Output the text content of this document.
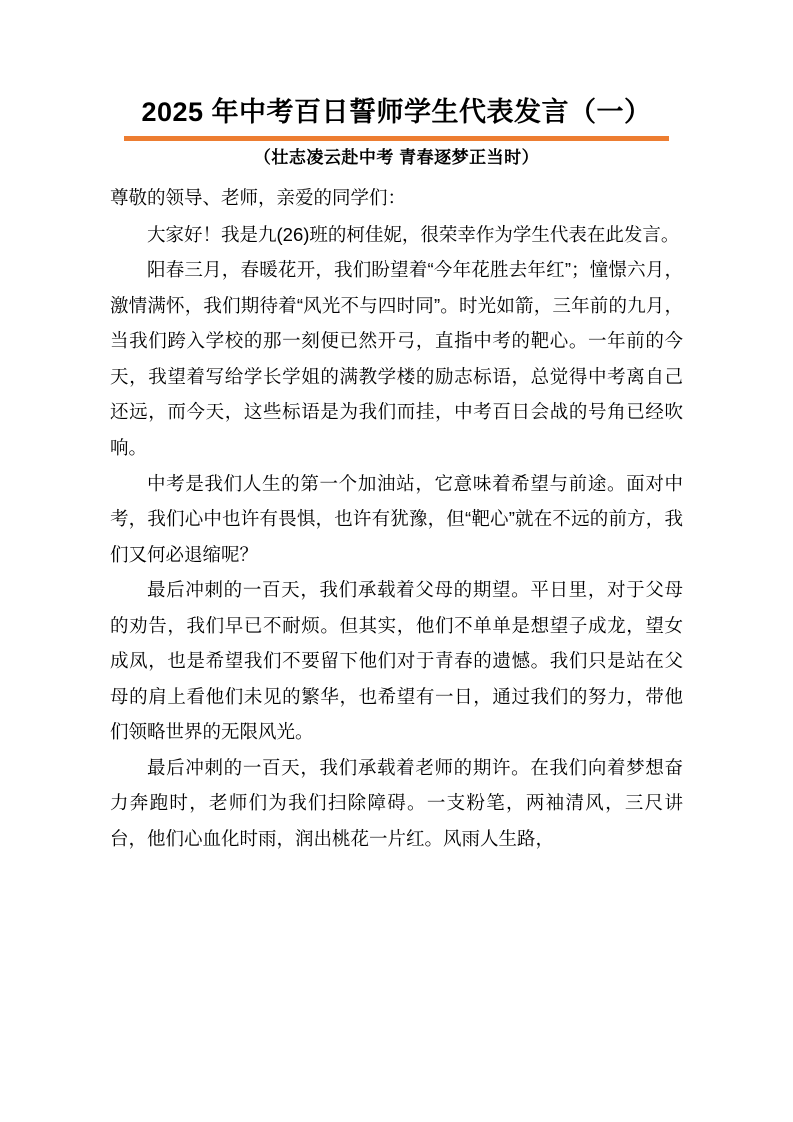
2025 年中考百日誓师学生代表发言（一）
（壮志凌云赴中考 青春逐梦正当时）

尊敬的领导、老师，亲爱的同学们：

大家好！我是九(26)班的柯佳妮，很荣幸作为学生代表在此发言。

阳春三月，春暖花开，我们盼望着“今年花胜去年红”；憧憬六月，激情满怀，我们期待着“风光不与四时同”。时光如箭，三年前的九月，当我们跨入学校的那一刻便已然开弓，直指中考的靶心。一年前的今天，我望着写给学长学姐的满教学楼的励志标语，总觉得中考离自己还远，而今天，这些标语是为我们而挂，中考百日会战的号角已经吹响。

中考是我们人生的第一个加油站，它意味着希望与前途。面对中考，我们心中也许有畏惧，也许有犹豫，但“靶心”就在不远的前方，我们又何必退缩呢？

最后冲刺的一百天，我们承载着父母的期望。平日里，对于父母的劝告，我们早已不耐烦。但其实，他们不单单是想望子成龙，望女成凤，也是希望我们不要留下他们对于青春的遗憾。我们只是站在父母的肩上看他们未见的繁华，也希望有一日，通过我们的努力，带他们领略世界的无限风光。

最后冲刺的一百天，我们承载着老师的期许。在我们向着梦想奋力奔跑时，老师们为我们扫除障碍。一支粉笔，两袖清风，三尺讲台，他们心血化时雨，润出桃花一片红。风雨人生路，
